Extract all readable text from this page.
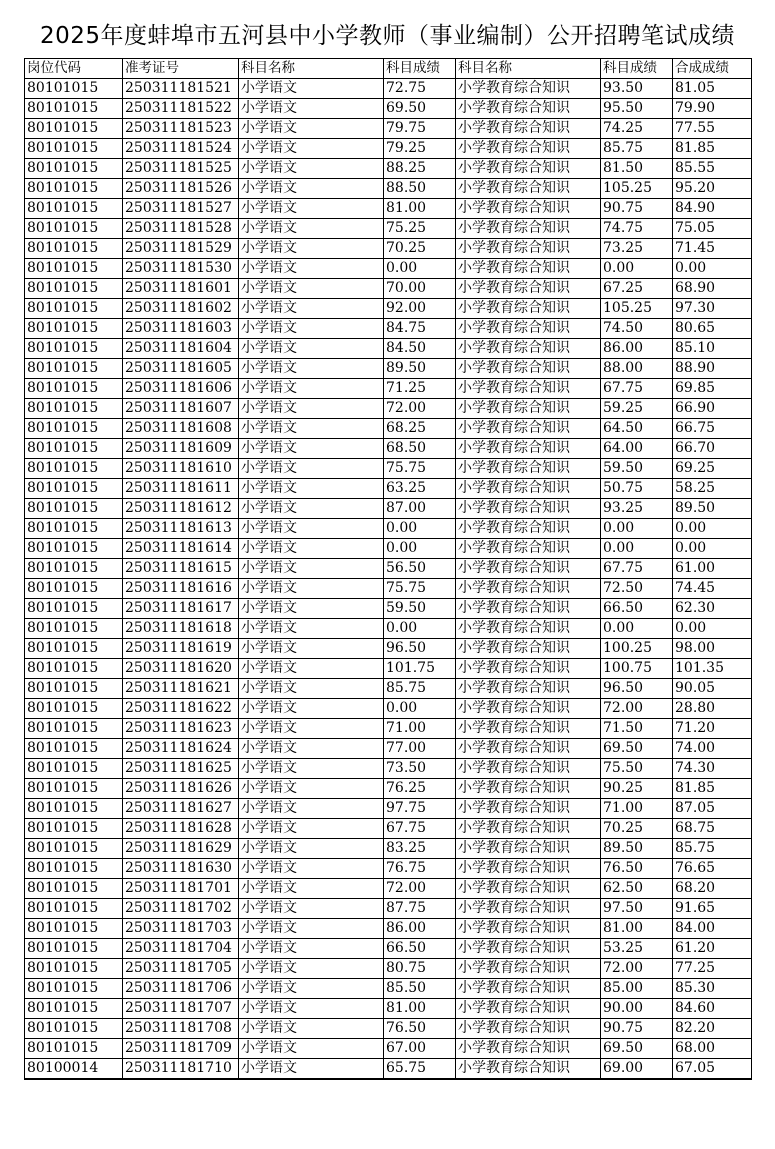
2025年度蚌埠市五河县中小学教师（事业编制）公开招聘笔试成绩
岗位代码	准考证号	科目名称	科目成绩	科目名称	科目成绩	合成成绩
80101015	250311181521	小学语文	72.75	小学教育综合知识	93.50	81.05
80101015	250311181522	小学语文	69.50	小学教育综合知识	95.50	79.90
80101015	250311181523	小学语文	79.75	小学教育综合知识	74.25	77.55
80101015	250311181524	小学语文	79.25	小学教育综合知识	85.75	81.85
80101015	250311181525	小学语文	88.25	小学教育综合知识	81.50	85.55
80101015	250311181526	小学语文	88.50	小学教育综合知识	105.25	95.20
80101015	250311181527	小学语文	81.00	小学教育综合知识	90.75	84.90
80101015	250311181528	小学语文	75.25	小学教育综合知识	74.75	75.05
80101015	250311181529	小学语文	70.25	小学教育综合知识	73.25	71.45
80101015	250311181530	小学语文	0.00	小学教育综合知识	0.00	0.00
80101015	250311181601	小学语文	70.00	小学教育综合知识	67.25	68.90
80101015	250311181602	小学语文	92.00	小学教育综合知识	105.25	97.30
80101015	250311181603	小学语文	84.75	小学教育综合知识	74.50	80.65
80101015	250311181604	小学语文	84.50	小学教育综合知识	86.00	85.10
80101015	250311181605	小学语文	89.50	小学教育综合知识	88.00	88.90
80101015	250311181606	小学语文	71.25	小学教育综合知识	67.75	69.85
80101015	250311181607	小学语文	72.00	小学教育综合知识	59.25	66.90
80101015	250311181608	小学语文	68.25	小学教育综合知识	64.50	66.75
80101015	250311181609	小学语文	68.50	小学教育综合知识	64.00	66.70
80101015	250311181610	小学语文	75.75	小学教育综合知识	59.50	69.25
80101015	250311181611	小学语文	63.25	小学教育综合知识	50.75	58.25
80101015	250311181612	小学语文	87.00	小学教育综合知识	93.25	89.50
80101015	250311181613	小学语文	0.00	小学教育综合知识	0.00	0.00
80101015	250311181614	小学语文	0.00	小学教育综合知识	0.00	0.00
80101015	250311181615	小学语文	56.50	小学教育综合知识	67.75	61.00
80101015	250311181616	小学语文	75.75	小学教育综合知识	72.50	74.45
80101015	250311181617	小学语文	59.50	小学教育综合知识	66.50	62.30
80101015	250311181618	小学语文	0.00	小学教育综合知识	0.00	0.00
80101015	250311181619	小学语文	96.50	小学教育综合知识	100.25	98.00
80101015	250311181620	小学语文	101.75	小学教育综合知识	100.75	101.35
80101015	250311181621	小学语文	85.75	小学教育综合知识	96.50	90.05
80101015	250311181622	小学语文	0.00	小学教育综合知识	72.00	28.80
80101015	250311181623	小学语文	71.00	小学教育综合知识	71.50	71.20
80101015	250311181624	小学语文	77.00	小学教育综合知识	69.50	74.00
80101015	250311181625	小学语文	73.50	小学教育综合知识	75.50	74.30
80101015	250311181626	小学语文	76.25	小学教育综合知识	90.25	81.85
80101015	250311181627	小学语文	97.75	小学教育综合知识	71.00	87.05
80101015	250311181628	小学语文	67.75	小学教育综合知识	70.25	68.75
80101015	250311181629	小学语文	83.25	小学教育综合知识	89.50	85.75
80101015	250311181630	小学语文	76.75	小学教育综合知识	76.50	76.65
80101015	250311181701	小学语文	72.00	小学教育综合知识	62.50	68.20
80101015	250311181702	小学语文	87.75	小学教育综合知识	97.50	91.65
80101015	250311181703	小学语文	86.00	小学教育综合知识	81.00	84.00
80101015	250311181704	小学语文	66.50	小学教育综合知识	53.25	61.20
80101015	250311181705	小学语文	80.75	小学教育综合知识	72.00	77.25
80101015	250311181706	小学语文	85.50	小学教育综合知识	85.00	85.30
80101015	250311181707	小学语文	81.00	小学教育综合知识	90.00	84.60
80101015	250311181708	小学语文	76.50	小学教育综合知识	90.75	82.20
80101015	250311181709	小学语文	67.00	小学教育综合知识	69.50	68.00
80100014	250311181710	小学语文	65.75	小学教育综合知识	69.00	67.05
